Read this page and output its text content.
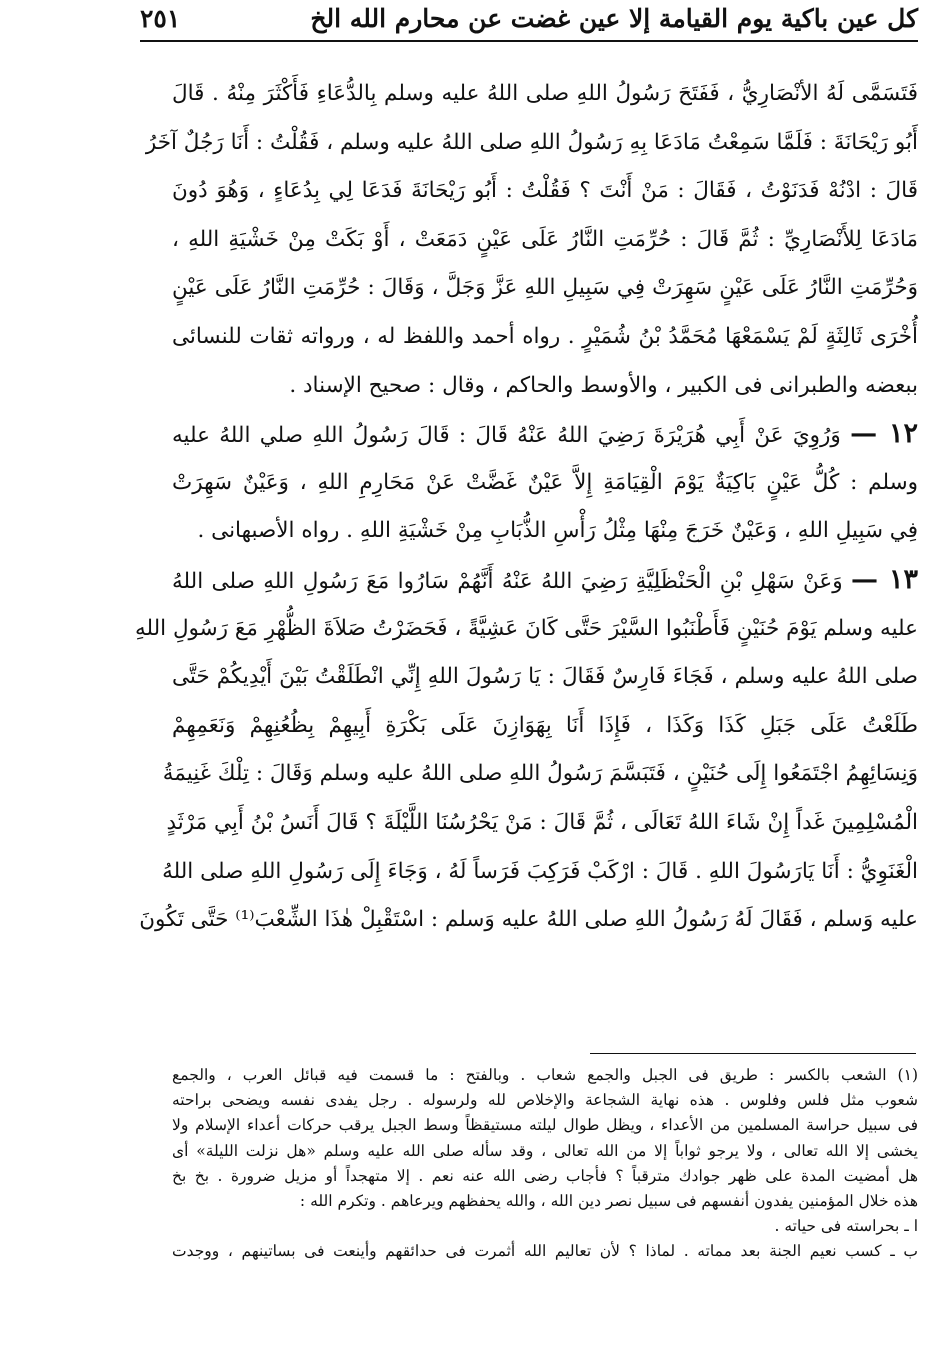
كل عين باكية يوم القيامة إلا عين غضت عن محارم الله الخ
٢٥١
فَتَسَمَّى لَهُ الأنْصَارِيُّ ، فَفَتَحَ رَسُولُ اللهِ صلى اللهُ عليه وسلم بِالدُّعَاءِ فَأَكْثَرَ مِنْهُ . قَالَ
أَبُو رَيْحَانَةَ : فَلَمَّا سَمِعْتُ مَادَعَا بِهِ رَسُولُ اللهِ صلى اللهُ عليه وسلم ، فَقُلْتُ : أَنَا رَجُلٌ آخَرُ
قَالَ : ادْنُهْ فَدَنَوْتُ ، فَقَالَ : مَنْ أَنْتَ ؟ فَقُلْتُ : أَبُو رَيْحَانَةَ فَدَعَا لِي بِدُعَاءٍ ، وَهُوَ دُونَ
مَادَعَا لِلأَنْصَارِيِّ : ثُمَّ قَالَ : حُرِّمَتِ النَّارُ عَلَى عَيْنٍ دَمَعَتْ ، أَوْ بَكَتْ مِنْ خَشْيَةِ اللهِ ،
وَحُرِّمَتِ النَّارُ عَلَى عَيْنٍ سَهِرَتْ فِي سَبِيلِ اللهِ عَزَّ وَجَلَّ ، وَقَالَ : حُرِّمَتِ النَّارُ عَلَى عَيْنٍ
أُخْرَى ثَالِثَةٍ لَمْ يَسْمَعْهَا مُحَمَّدُ بْنُ شُمَيْرٍ . رواه أحمد واللفظ له ، ورواته ثقات للنسائى
ببعضه والطبرانى فى الكبير ، والأوسط والحاكم ، وقال : صحيح الإسناد .
١٢ — وَرُوِيَ عَنْ أَبِي هُرَيْرَةَ رَضِيَ اللهُ عَنْهُ قَالَ : قَالَ رَسُولُ اللهِ صلي اللهُ عليه
وسلم : كُلُّ عَيْنٍ بَاكِيَةٌ يَوْمَ الْقِيَامَةِ إِلاَّ عَيْنٌ غَضَّتْ عَنْ مَحَارِمِ اللهِ ، وَعَيْنٌ سَهِرَتْ
فِي سَبِيلِ اللهِ ، وَعَيْنٌ خَرَجَ مِنْهَا مِثْلُ رَأْسِ الذُّبَابِ مِنْ خَشْيَةِ اللهِ . رواه الأصبهانى .
١٣ — وَعَنْ سَهْلِ بْنِ الْحَنْظَلِيَّةِ رَضِيَ اللهُ عَنْهُ أَنَّهُمْ سَارُوا مَعَ رَسُولِ اللهِ صلى اللهُ
عليه وسلم يَوْمَ حُنَيْنٍ فَأَطْنَبُوا السَّيْرَ حَتَّى كَانَ عَشِيَّةً ، فَحَضَرْتُ صَلاَةَ الظُّهْرِ مَعَ رَسُولِ اللهِ
صلى اللهُ عليه وسلم ، فَجَاءَ فَارِسٌ فَقَالَ : يَا رَسُولَ اللهِ إِنِّي انْطَلَقْتُ بَيْنَ أَيْدِيكُمْ حَتَّى
طَلَعْتُ عَلَى جَبَلِ كَذَا وَكَذَا ، فَإِذَا أَنَا بِهَوَازِنَ عَلَى بَكْرَةِ أَبِيهِمْ بِظُعُنِهِمْ وَنَعَمِهِمْ
وَنِسَائِهِمُ اجْتَمَعُوا إِلَى حُنَيْنٍ ، فَتَبَسَّمَ رَسُولُ اللهِ صلى اللهُ عليه وسلم وَقَالَ : تِلْكَ غَنِيمَةُ
الْمُسْلِمِينَ غَداً إِنْ شَاءَ اللهُ تَعَالَى ، ثُمَّ قَالَ : مَنْ يَحْرُسُنَا اللَّيْلَةَ ؟ قَالَ أَنَسُ بْنُ أَبِي مَرْثَدٍ
الْغَنَوِيُّ : أَنَا يَارَسُولَ اللهِ . قَالَ : ارْكَبْ فَرَكِبَ فَرَساً لَهُ ، وَجَاءَ إِلَى رَسُولِ اللهِ صلى اللهُ
عليه وَسلم ، فَقَالَ لَهُ رَسُولُ اللهِ صلى اللهُ عليه وَسلم : اسْتَقْبِلْ هٰذَا الشِّعْبَ⁽¹⁾ حَتَّى تَكُونَ
(١) الشعب بالكسر : طريق فى الجبل والجمع شعاب . وبالفتح : ما قسمت فيه قبائل العرب ، والجمع
شعوب مثل فلس وفلوس . هذه نهاية الشجاعة والإخلاص لله ولرسوله . رجل يفدى نفسه ويضحى براحته
فى سبيل حراسة المسلمين من الأعداء ، ويظل طوال ليلته مستيقظاً وسط الجبل يرقب حركات أعداء الإسلام ولا
يخشى إلا الله تعالى ، ولا يرجو ثواباً إلا من الله تعالى ، وقد سأله صلى الله عليه وسلم «هل نزلت الليلة» أى
هل أمضيت المدة على ظهر جوادك مترقباً ؟ فأجاب رضى الله عنه نعم . إلا متهجداً أو مزيل ضرورة . بخ بخ
هذه خلال المؤمنين يفدون أنفسهم فى سبيل نصر دين الله ، والله يحفظهم ويرعاهم . وتكرم الله :
ا ـ بحراسته فى حياته .
ب ـ كسب نعيم الجنة بعد مماته . لماذا ؟ لأن تعاليم الله أثمرت فى حدائقهم وأينعت فى بساتينهم ، ووجدت
